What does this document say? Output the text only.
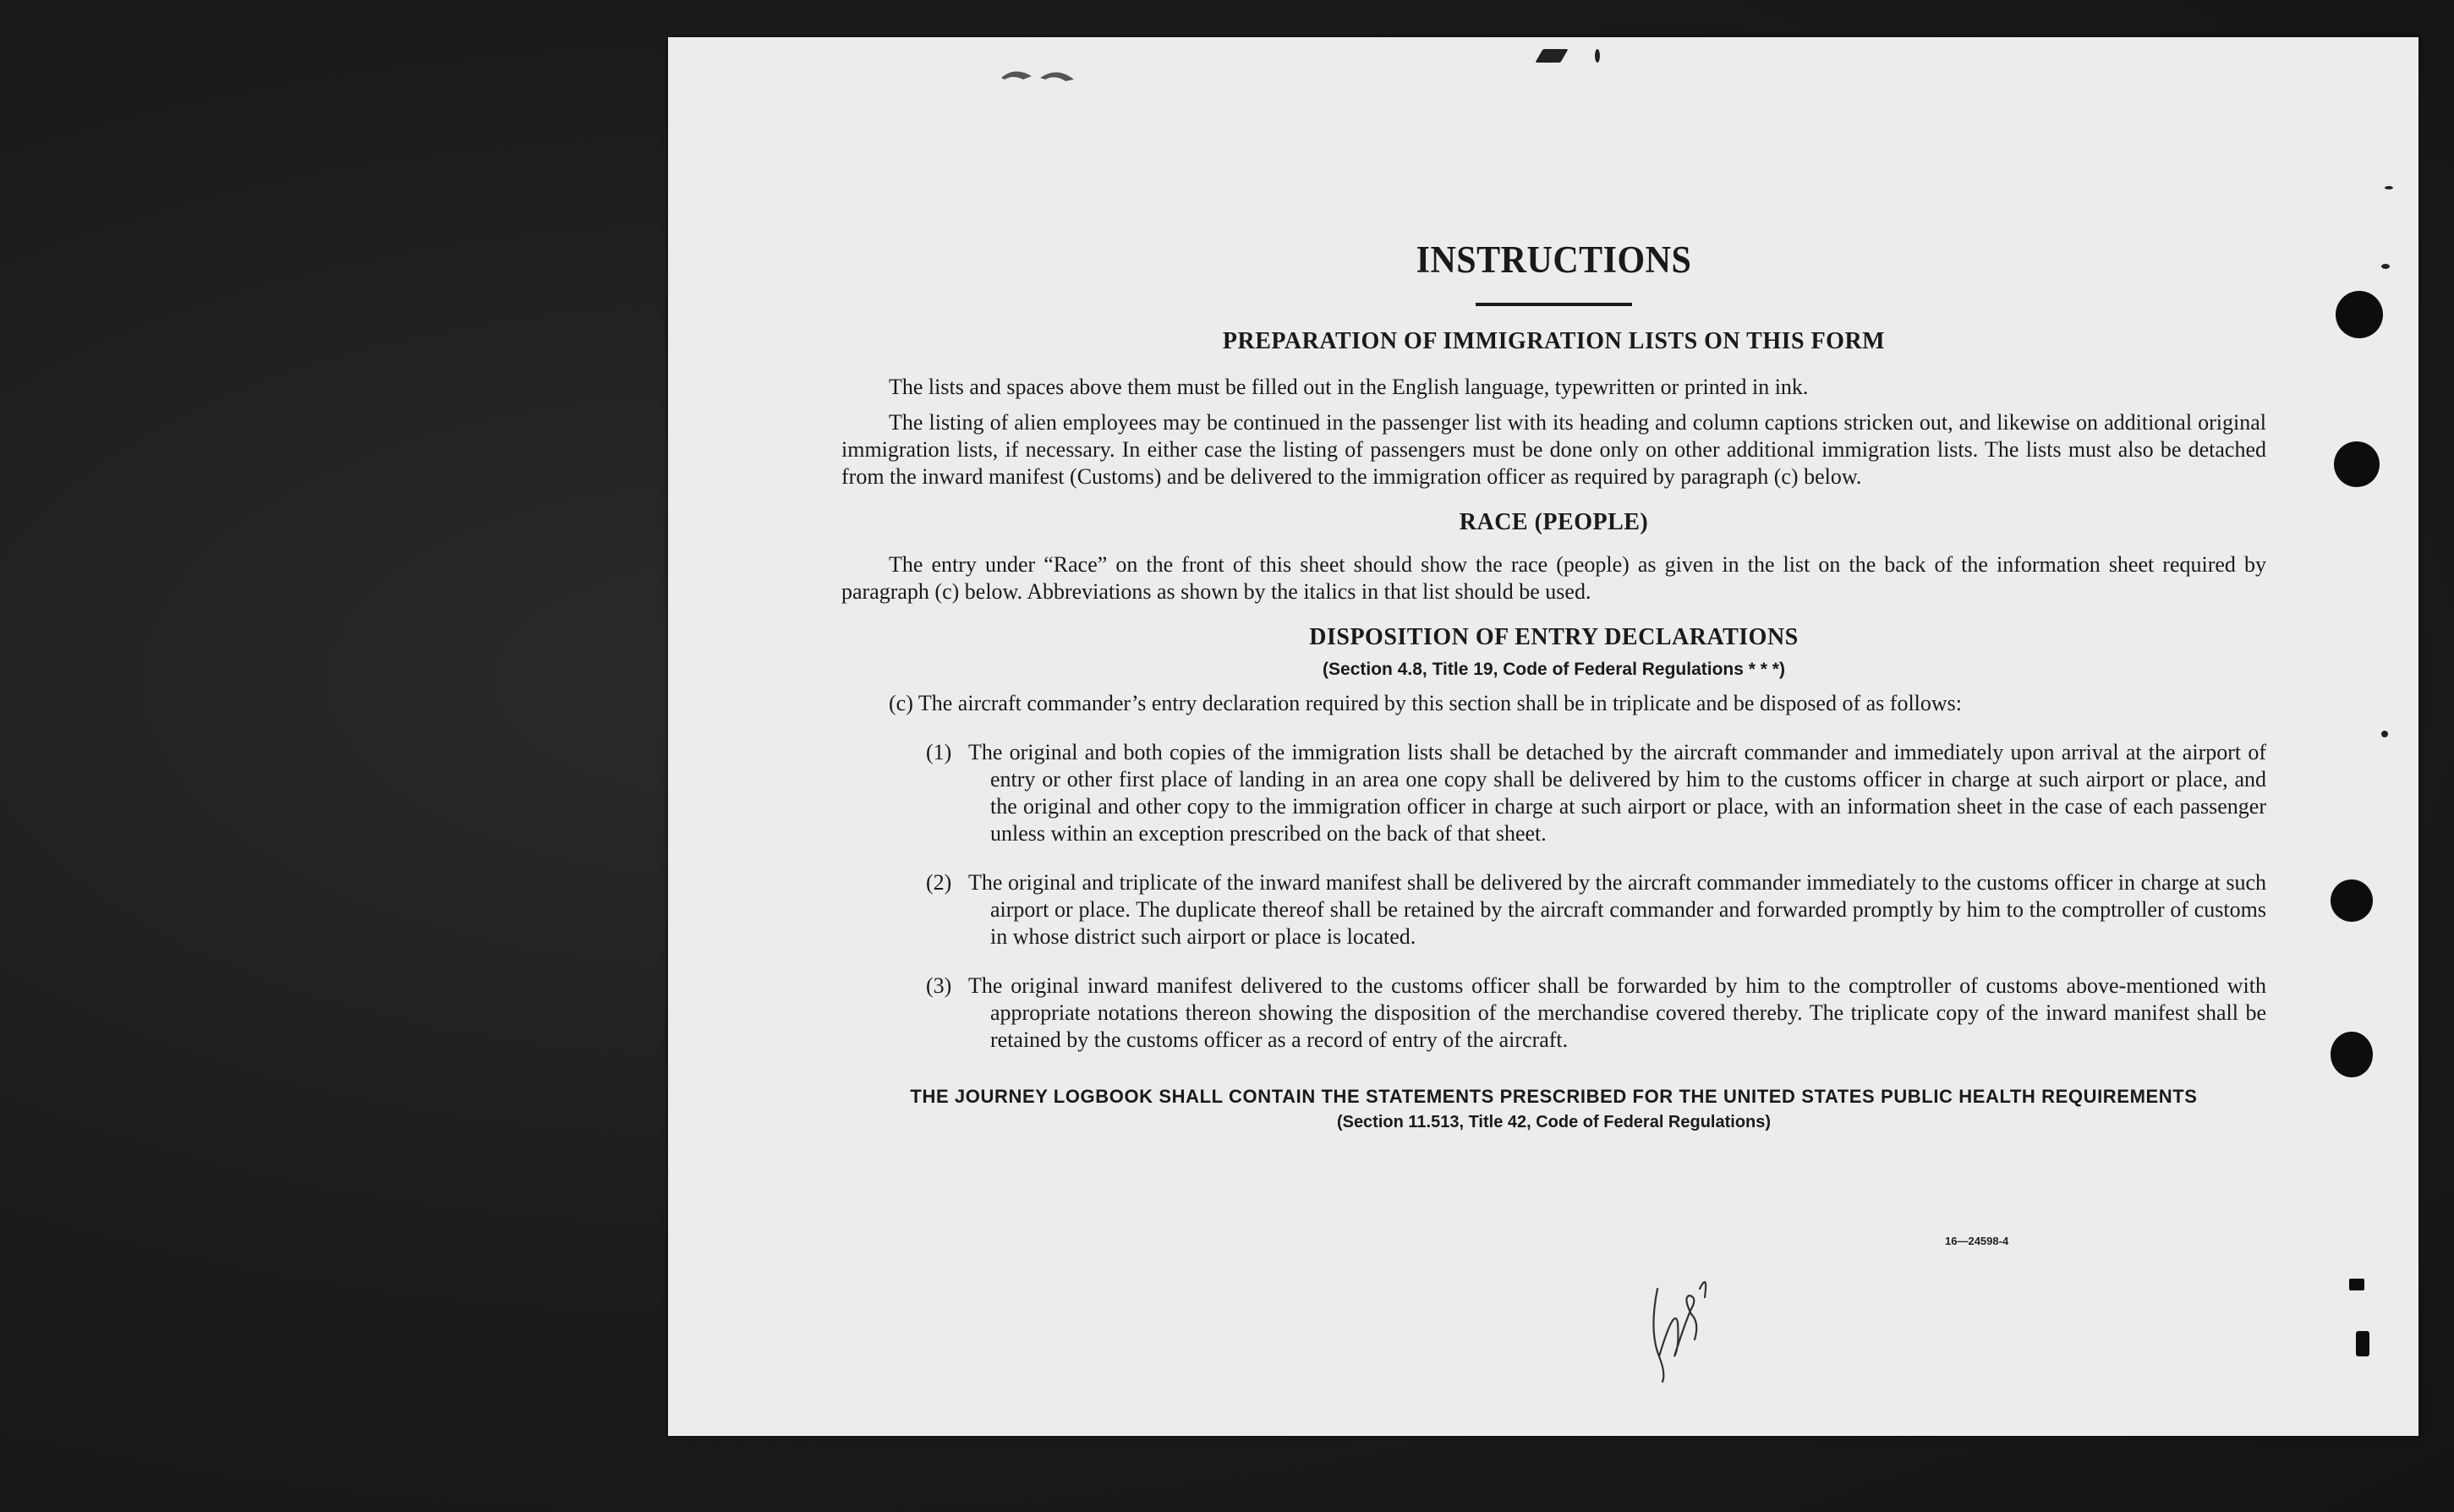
INSTRUCTIONS
PREPARATION OF IMMIGRATION LISTS ON THIS FORM

The lists and spaces above them must be filled out in the English language, typewritten or printed in ink.

The listing of alien employees may be continued in the passenger list with its heading and column captions stricken out, and likewise on additional original immigration lists, if necessary. In either case the listing of passengers must be done only on other additional immigration lists. The lists must also be detached from the inward manifest (Customs) and be delivered to the immigration officer as required by paragraph (c) below.

RACE (PEOPLE)

The entry under “Race” on the front of this sheet should show the race (people) as given in the list on the back of the information sheet required by paragraph (c) below. Abbreviations as shown by the italics in that list should be used.

DISPOSITION OF ENTRY DECLARATIONS
(Section 4.8, Title 19, Code of Federal Regulations * * *)

(c) The aircraft commander’s entry declaration required by this section shall be in triplicate and be disposed of as follows:

(1) The original and both copies of the immigration lists shall be detached by the aircraft commander and immediately upon arrival at the airport of entry or other first place of landing in an area one copy shall be delivered by him to the customs officer in charge at such airport or place, and the original and other copy to the immigration officer in charge at such airport or place, with an information sheet in the case of each passenger unless within an exception prescribed on the back of that sheet.

(2) The original and triplicate of the inward manifest shall be delivered by the aircraft commander immediately to the customs officer in charge at such airport or place. The duplicate thereof shall be retained by the aircraft commander and forwarded promptly by him to the comptroller of customs in whose district such airport or place is located.

(3) The original inward manifest delivered to the customs officer shall be forwarded by him to the comptroller of customs above-mentioned with appropriate notations thereon showing the disposition of the merchandise covered thereby. The triplicate copy of the inward manifest shall be retained by the customs officer as a record of entry of the aircraft.

THE JOURNEY LOGBOOK SHALL CONTAIN THE STATEMENTS PRESCRIBED FOR THE UNITED STATES PUBLIC HEALTH REQUIREMENTS
(Section 11.513, Title 42, Code of Federal Regulations)
16—24598-4
